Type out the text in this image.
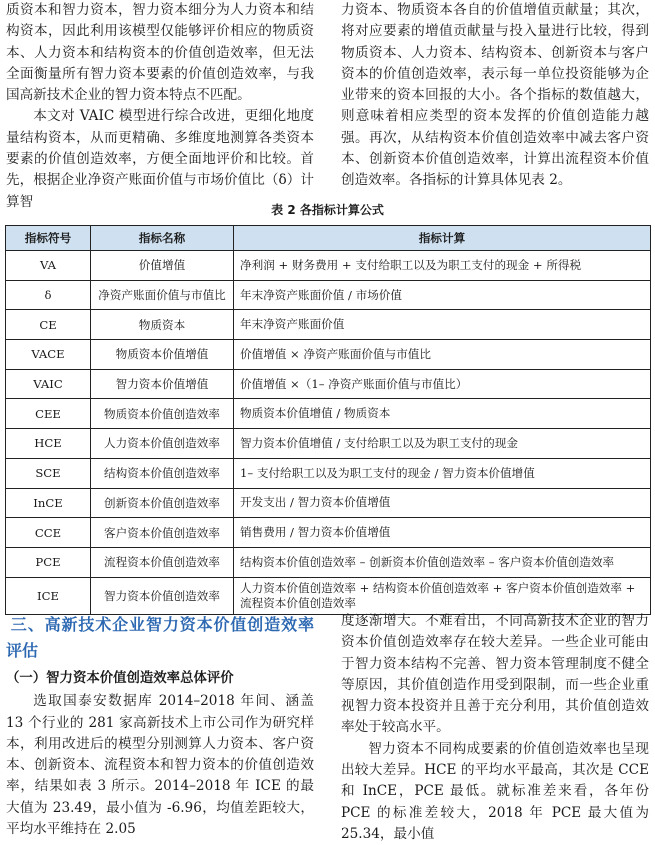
质资本和智力资本，智力资本细分为人力资本和结构资本，因此利用该模型仅能够评价相应的物质资本、人力资本和结构资本的价值创造效率，但无法全面衡量所有智力资本要素的价值创造效率，与我国高新技术企业的智力资本特点不匹配。

本文对 VAIC 模型进行综合改进，更细化地度量结构资本，从而更精确、多维度地测算各类资本要素的价值创造效率，方便全面地评价和比较。首先，根据企业净资产账面价值与市场价值比（δ）计算智

力资本、物质资本各自的价值增值贡献量；其次，将对应要素的增值贡献量与投入量进行比较，得到物质资本、人力资本、结构资本、创新资本与客户资本的价值创造效率，表示每一单位投资能够为企业带来的资本回报的大小。各个指标的数值越大，则意味着相应类型的资本发挥的价值创造能力越强。再次，从结构资本价值创造效率中减去客户资本、创新资本价值创造效率，计算出流程资本价值创造效率。各指标的计算具体见表 2。

表 2 各指标计算公式
指标符号	指标名称	指标计算
VA	价值增值	净利润 + 财务费用 + 支付给职工以及为职工支付的现金 + 所得税
δ	净资产账面价值与市值比	年末净资产账面价值 / 市场价值
CE	物质资本	年末净资产账面价值
VACE	物质资本价值增值	价值增值 × 净资产账面价值与市值比
VAIC	智力资本价值增值	价值增值 ×（1– 净资产账面价值与市值比）
CEE	物质资本价值创造效率	物质资本价值增值 / 物质资本
HCE	人力资本价值创造效率	智力资本价值增值 / 支付给职工以及为职工支付的现金
SCE	结构资本价值创造效率	1– 支付给职工以及为职工支付的现金 / 智力资本价值增值
InCE	创新资本价值创造效率	开发支出 / 智力资本价值增值
CCE	客户资本价值创造效率	销售费用 / 智力资本价值增值
PCE	流程资本价值创造效率	结构资本价值创造效率 – 创新资本价值创造效率 – 客户资本价值创造效率
ICE	智力资本价值创造效率	人力资本价值创造效率 + 结构资本价值创造效率 + 客户资本价值创造效率 + 流程资本价值创造效率

三、高新技术企业智力资本价值创造效率评估

（一）智力资本价值创造效率总体评价

选取国泰安数据库 2014–2018 年间、涵盖 13 个行业的 281 家高新技术上市公司作为研究样本，利用改进后的模型分别测算人力资本、客户资本、创新资本、流程资本和智力资本的价值创造效率，结果如表 3 所示。2014–2018 年 ICE 的最大值为 23.49，最小值为 -6.96，均值差距较大，平均水平维持在 2.05

度逐渐增大。不难看出，不同高新技术企业的智力资本价值创造效率存在较大差异。一些企业可能由于智力资本结构不完善、智力资本管理制度不健全等原因，其价值创造作用受到限制，而一些企业重视智力资本投资并且善于充分利用，其价值创造效率处于较高水平。

智力资本不同构成要素的价值创造效率也呈现出较大差异。HCE 的平均水平最高，其次是 CCE 和 InCE，PCE 最低。就标准差来看，各年份 PCE 的标准差较大，2018 年 PCE 最大值为 25.34，最小值
